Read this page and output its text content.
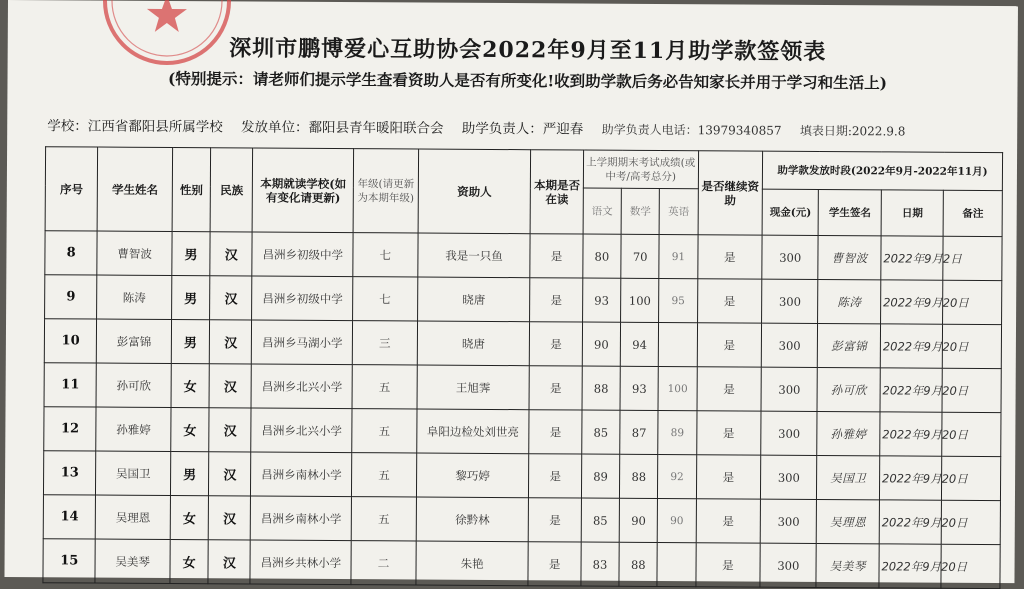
深圳市鹏博爱心互助协会2022年9月至11月助学款签领表
(特别提示：请老师们提示学生查看资助人是否有所变化!收到助学款后务必告知家长并用于学习和生活上)
学校：江西省鄱阳县所属学校 发放单位：鄱阳县青年暖阳联合会 助学负责人：严迎春 助学负责人电话：13979340857 填表日期:2022.9.8
序号	学生姓名	性别	民族	本期就读学校(如有变化请更新)	年级(请更新为本期年级)	资助人	本期是否在读	上学期期末考试成绩(或中考/高考总分)			是否继续资助	助学款发放时段(2022年9月-2022年11月)			
								语文	数学	英语		现金(元)	学生签名	日期	备注
8	曹智波	男	汉	昌洲乡初级中学	七	我是一只鱼	是	80	70	91	是	300	曹智波	2022年9月2日	
9	陈涛	男	汉	昌洲乡初级中学	七	晓唐	是	93	100	95	是	300	陈涛	2022年9月20日	
10	彭富锦	男	汉	昌洲乡马湖小学	三	晓唐	是	90	94		是	300	彭富锦	2022年9月20日	
11	孙可欣	女	汉	昌洲乡北兴小学	五	王旭霁	是	88	93	100	是	300	孙可欣	2022年9月20日	
12	孙雅婷	女	汉	昌洲乡北兴小学	五	阜阳边检处刘世亮	是	85	87	89	是	300	孙雅婷	2022年9月20日	
13	吴国卫	男	汉	昌洲乡南林小学	五	黎巧婷	是	89	88	92	是	300	吴国卫	2022年9月20日	
14	吴理恩	女	汉	昌洲乡南林小学	五	徐黔林	是	85	90	90	是	300	吴理恩	2022年9月20日	
15	吴美琴	女	汉	昌洲乡共林小学	二	朱艳	是	83	88		是	300	吴美琴	2022年9月20日	
